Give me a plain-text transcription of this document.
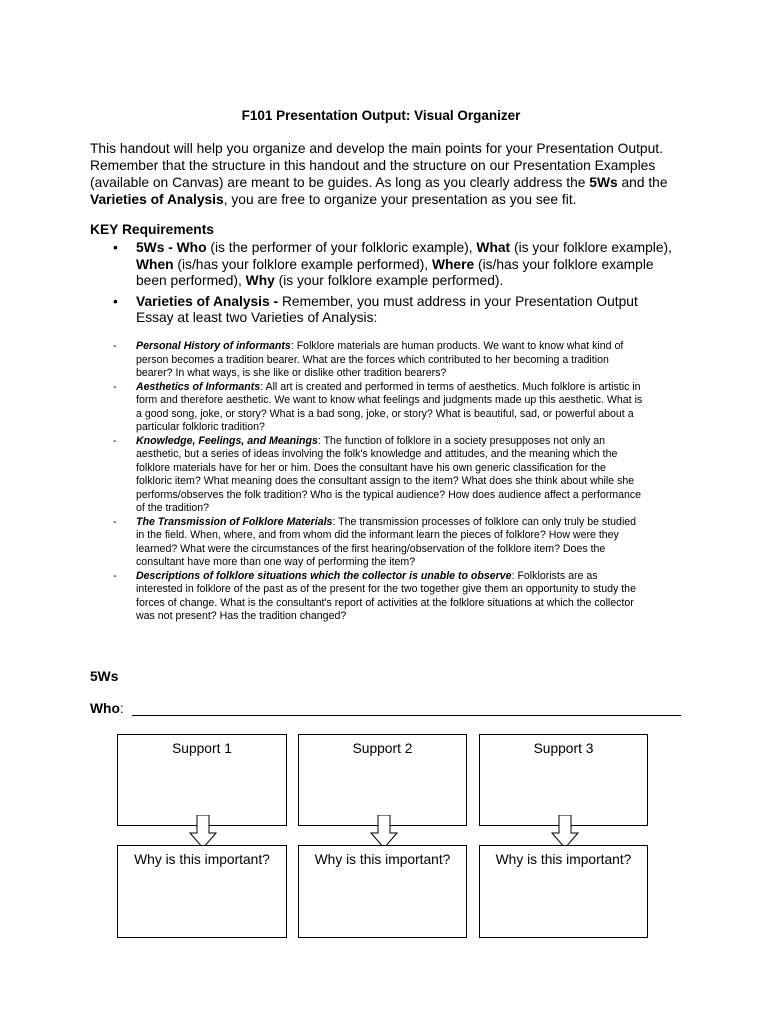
F101 Presentation Output: Visual Organizer
This handout will help you organize and develop the main points for your Presentation Output. Remember that the structure in this handout and the structure on our Presentation Examples (available on Canvas) are meant to be guides. As long as you clearly address the 5Ws and the Varieties of Analysis, you are free to organize your presentation as you see fit.
KEY Requirements
• 5Ws - Who (is the performer of your folkloric example), What (is your folklore example), When (is/has your folklore example performed), Where (is/has your folklore example been performed), Why (is your folklore example performed).
• Varieties of Analysis - Remember, you must address in your Presentation Output Essay at least two Varieties of Analysis:
- Personal History of informants: Folklore materials are human products. We want to know what kind of person becomes a tradition bearer. What are the forces which contributed to her becoming a tradition bearer? In what ways, is she like or dislike other tradition bearers?
- Aesthetics of Informants: All art is created and performed in terms of aesthetics. Much folklore is artistic in form and therefore aesthetic. We want to know what feelings and judgments made up this aesthetic. What is a good song, joke, or story? What is a bad song, joke, or story? What is beautiful, sad, or powerful about a particular folkloric tradition?
- Knowledge, Feelings, and Meanings: The function of folklore in a society presupposes not only an aesthetic, but a series of ideas involving the folk's knowledge and attitudes, and the meaning which the folklore materials have for her or him. Does the consultant have his own generic classification for the folkloric item? What meaning does the consultant assign to the item? What does she think about while she performs/observes the folk tradition? Who is the typical audience? How does audience affect a performance of the tradition?
- The Transmission of Folklore Materials: The transmission processes of folklore can only truly be studied in the field. When, where, and from whom did the informant learn the pieces of folklore? How were they learned? What were the circumstances of the first hearing/observation of the folklore item? Does the consultant have more than one way of performing the item?
- Descriptions of folklore situations which the collector is unable to observe: Folklorists are as interested in folklore of the past as of the present for the two together give them an opportunity to study the forces of change. What is the consultant's report of activities at the folklore situations at which the collector was not present? Has the tradition changed?
5Ws
Who:
Support 1	Support 2	Support 3
Why is this important?	Why is this important?	Why is this important?
